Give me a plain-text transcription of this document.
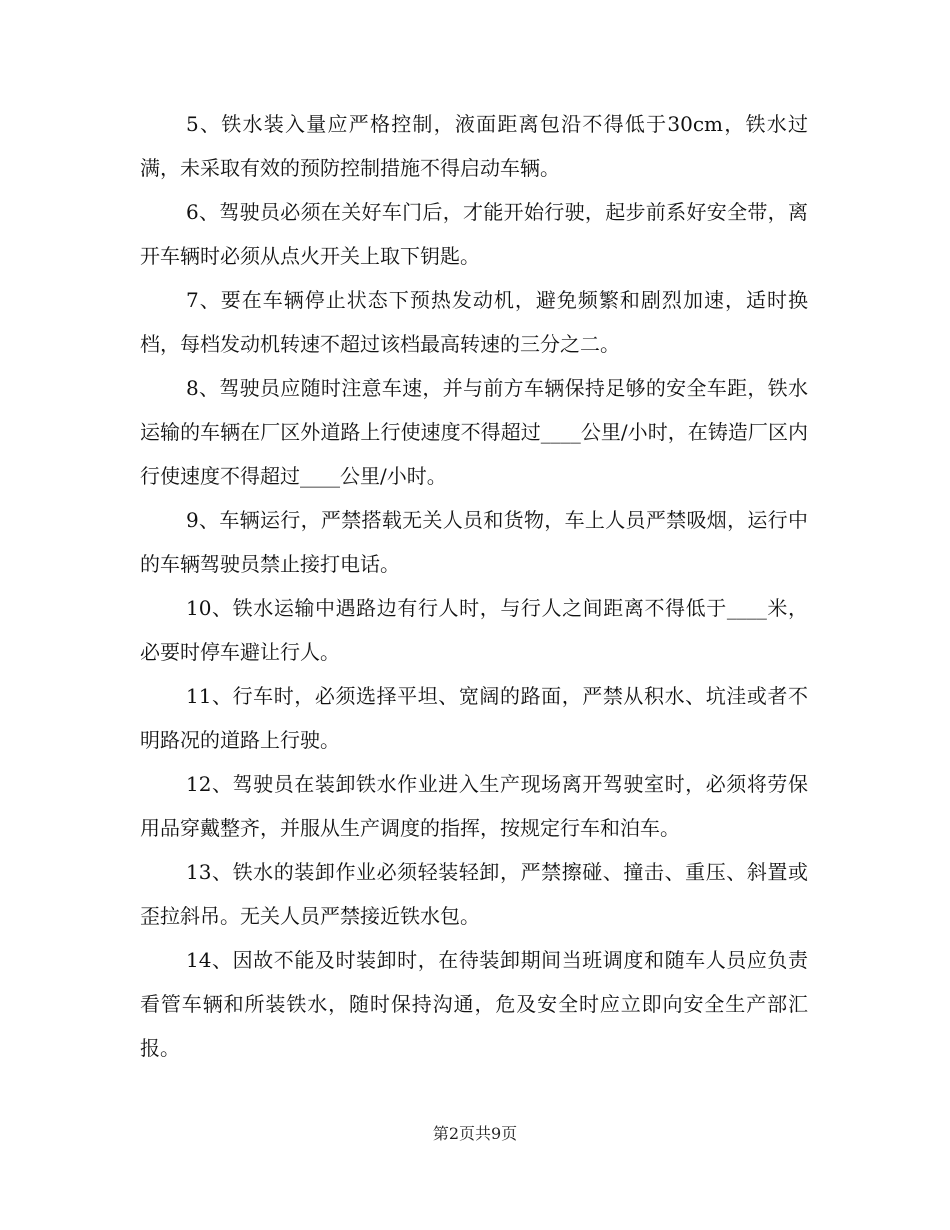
5、铁水装入量应严格控制，液面距离包沿不得低于30cm，铁水过满，未采取有效的预防控制措施不得启动车辆。

6、驾驶员必须在关好车门后，才能开始行驶，起步前系好安全带，离开车辆时必须从点火开关上取下钥匙。

7、要在车辆停止状态下预热发动机，避免频繁和剧烈加速，适时换档，每档发动机转速不超过该档最高转速的三分之二。

8、驾驶员应随时注意车速，并与前方车辆保持足够的安全车距，铁水运输的车辆在厂区外道路上行使速度不得超过____公里/小时，在铸造厂区内行使速度不得超过____公里/小时。

9、车辆运行，严禁搭载无关人员和货物，车上人员严禁吸烟，运行中的车辆驾驶员禁止接打电话。

10、铁水运输中遇路边有行人时，与行人之间距离不得低于____米，必要时停车避让行人。

11、行车时，必须选择平坦、宽阔的路面，严禁从积水、坑洼或者不明路况的道路上行驶。

12、驾驶员在装卸铁水作业进入生产现场离开驾驶室时，必须将劳保用品穿戴整齐，并服从生产调度的指挥，按规定行车和泊车。

13、铁水的装卸作业必须轻装轻卸，严禁擦碰、撞击、重压、斜置或歪拉斜吊。无关人员严禁接近铁水包。

14、因故不能及时装卸时，在待装卸期间当班调度和随车人员应负责看管车辆和所装铁水，随时保持沟通，危及安全时应立即向安全生产部汇报。

第2页共9页
